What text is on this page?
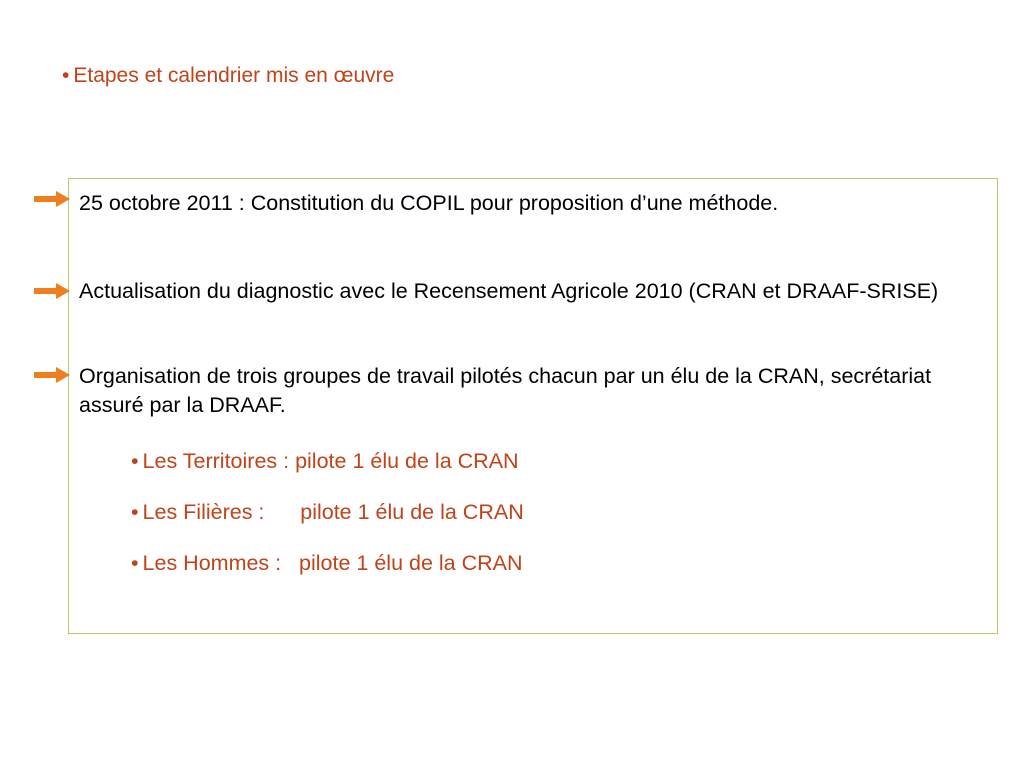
• Etapes et calendrier mis en œuvre
25 octobre 2011 : Constitution du COPIL pour proposition d’une méthode.
Actualisation du diagnostic avec le Recensement Agricole 2010 (CRAN et DRAAF-SRISE)
Organisation de trois groupes de travail pilotés chacun par un élu de la CRAN, secrétariat assuré par la DRAAF.
• Les Territoires : pilote 1 élu de la CRAN
• Les Filières :      pilote 1 élu de la CRAN
• Les Hommes :   pilote 1 élu de la CRAN
